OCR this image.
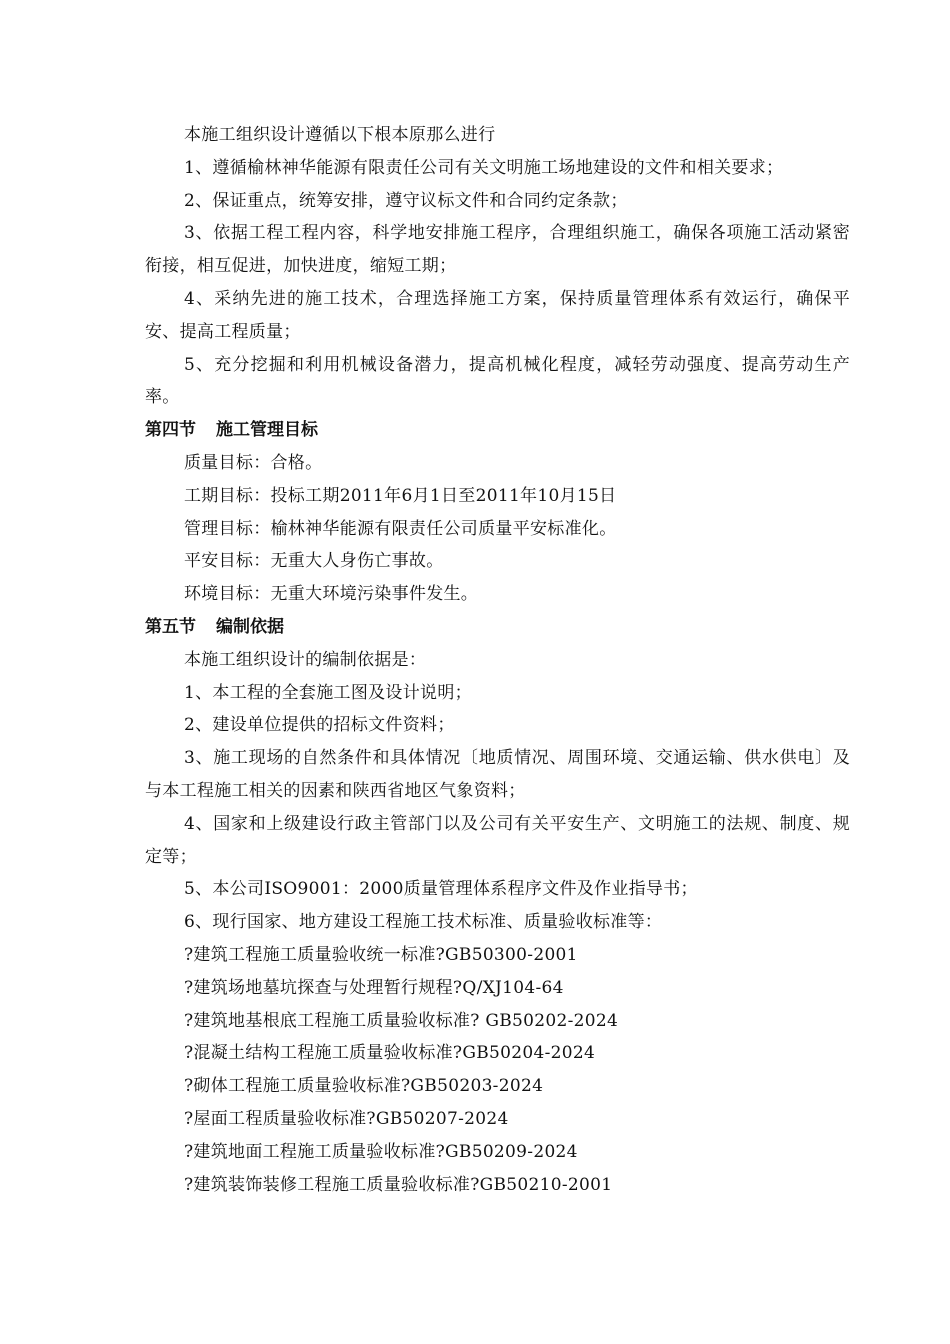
本施工组织设计遵循以下根本原那么进行

1、遵循榆林神华能源有限责任公司有关文明施工场地建设的文件和相关要求；

2、保证重点，统筹安排，遵守议标文件和合同约定条款；

3、依据工程工程内容，科学地安排施工程序，合理组织施工，确保各项施工活动紧密衔接，相互促进，加快进度，缩短工期；

4、采纳先进的施工技术，合理选择施工方案，保持质量管理体系有效运行，确保平安、提高工程质量；

5、充分挖掘和利用机械设备潜力，提高机械化程度，减轻劳动强度、提高劳动生产率。

第四节 施工管理目标

质量目标：合格。

工期目标：投标工期2011年6月1日至2011年10月15日

管理目标：榆林神华能源有限责任公司质量平安标准化。

平安目标：无重大人身伤亡事故。

环境目标：无重大环境污染事件发生。

第五节 编制依据

本施工组织设计的编制依据是：

1、本工程的全套施工图及设计说明；

2、建设单位提供的招标文件资料；

3、施工现场的自然条件和具体情况〔地质情况、周围环境、交通运输、供水供电〕及与本工程施工相关的因素和陕西省地区气象资料；

4、国家和上级建设行政主管部门以及公司有关平安生产、文明施工的法规、制度、规定等；

5、本公司ISO9001：2000质量管理体系程序文件及作业指导书；

6、现行国家、地方建设工程施工技术标准、质量验收标准等：

?建筑工程施工质量验收统一标准?GB50300-2001

?建筑场地墓坑探查与处理暂行规程?Q/XJ104-64

?建筑地基根底工程施工质量验收标准? GB50202-2024

?混凝土结构工程施工质量验收标准?GB50204-2024

?砌体工程施工质量验收标准?GB50203-2024

?屋面工程质量验收标准?GB50207-2024

?建筑地面工程施工质量验收标准?GB50209-2024

?建筑装饰装修工程施工质量验收标准?GB50210-2001
